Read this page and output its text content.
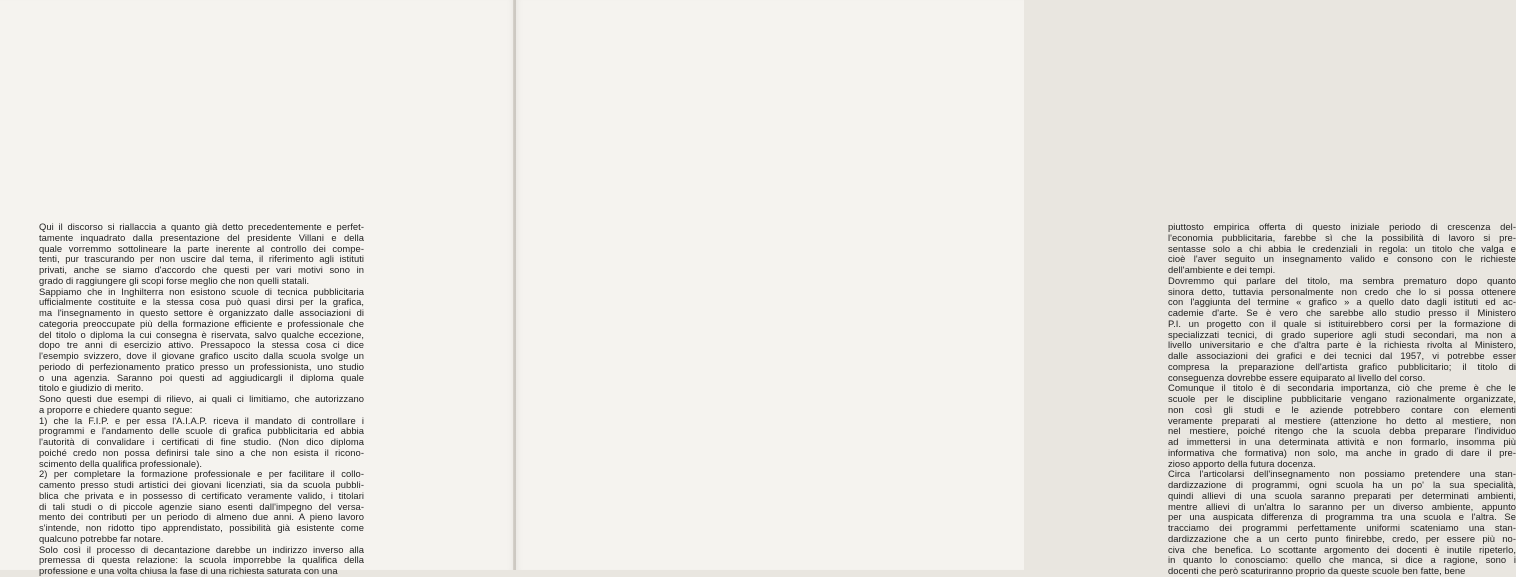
Qui il discorso si riallaccia a quanto già detto precedentemente e perfet-
tamente inquadrato dalla presentazione del presidente Villani e della
quale vorremmo sottolineare la parte inerente al controllo dei compe-
tenti, pur trascurando per non uscire dal tema, il riferimento agli istituti
privati, anche se siamo d'accordo che questi per vari motivi sono in
grado di raggiungere gli scopi forse meglio che non quelli statali.
Sappiamo che in Inghilterra non esistono scuole di tecnica pubblicitaria
ufficialmente costituite e la stessa cosa può quasi dirsi per la grafica,
ma l'insegnamento in questo settore è organizzato dalle associazioni di
categoria preoccupate più della formazione efficiente e professionale che
del titolo o diploma la cui consegna è riservata, salvo qualche eccezione,
dopo tre anni di esercizio attivo. Pressapoco la stessa cosa ci dice
l'esempio svizzero, dove il giovane grafico uscito dalla scuola svolge un
periodo di perfezionamento pratico presso un professionista, uno studio
o una agenzia. Saranno poi questi ad aggiudicargli il diploma quale
titolo e giudizio di merito.
Sono questi due esempi di rilievo, ai quali ci limitiamo, che autorizzano
a proporre e chiedere quanto segue:
1) che la F.I.P. e per essa l'A.I.A.P. riceva il mandato di controllare i
programmi e l'andamento delle scuole di grafica pubblicitaria ed abbia
l'autorità di convalidare i certificati di fine studio. (Non dico diploma
poiché credo non possa definirsi tale sino a che non esista il ricono-
scimento della qualifica professionale).
2) per completare la formazione professionale e per facilitare il collo-
camento presso studi artistici dei giovani licenziati, sia da scuola pubbli-
blica che privata e in possesso di certificato veramente valido, i titolari
di tali studi o di piccole agenzie siano esenti dall'impegno del versa-
mento dei contributi per un periodo di almeno due anni. A pieno lavoro
s'intende, non ridotto tipo apprendistato, possibilità già esistente come
qualcuno potrebbe far notare.
Solo così il processo di decantazione darebbe un indirizzo inverso alla
premessa di questa relazione: la scuola imporrebbe la qualifica della
professione e una volta chiusa la fase di una richiesta saturata con una
piuttosto empirica offerta di questo iniziale periodo di crescenza del-
l'economia pubblicitaria, farebbe sì che la possibilità di lavoro si pre-
sentasse solo a chi abbia le credenziali in regola: un titolo che valga e
cioè l'aver seguito un insegnamento valido e consono con le richieste
dell'ambiente e dei tempi.
Dovremmo qui parlare del titolo, ma sembra prematuro dopo quanto
sinora detto, tuttavia personalmente non credo che lo si possa ottenere
con l'aggiunta del termine « grafico » a quello dato dagli istituti ed ac-
cademie d'arte. Se è vero che sarebbe allo studio presso il Ministero
P.I. un progetto con il quale si istituirebbero corsi per la formazione di
specializzati tecnici, di grado superiore agli studi secondari, ma non a
livello universitario e che d'altra parte è la richiesta rivolta al Ministero,
dalle associazioni dei grafici e dei tecnici dal 1957, vi potrebbe esser
compresa la preparazione dell'artista grafico pubblicitario; il titolo di
conseguenza dovrebbe essere equiparato al livello del corso.
Comunque il titolo è di secondaria importanza, ciò che preme è che le
scuole per le discipline pubblicitarie vengano razionalmente organizzate,
non così gli studi e le aziende potrebbero contare con elementi
veramente preparati al mestiere (attenzione ho detto al mestiere, non
nel mestiere, poiché ritengo che la scuola debba preparare l'individuo
ad immettersi in una determinata attività e non formarlo, insomma più
informativa che formativa) non solo, ma anche in grado di dare il pre-
zioso apporto della futura docenza.
Circa l'articolarsi dell'insegnamento non possiamo pretendere una stan-
dardizzazione di programmi, ogni scuola ha un po' la sua specialità,
quindi allievi di una scuola saranno preparati per determinati ambienti,
mentre allievi di un'altra lo saranno per un diverso ambiente, appunto
per una auspicata differenza di programma tra una scuola e l'altra. Se
tracciamo dei programmi perfettamente uniformi scateniamo una stan-
dardizzazione che a un certo punto finirebbe, credo, per essere più no-
civa che benefica. Lo scottante argomento dei docenti è inutile ripeterlo,
in quanto lo conosciamo: quello che manca, si dice a ragione, sono i
docenti che però scaturiranno proprio da queste scuole ben fatte, bene
